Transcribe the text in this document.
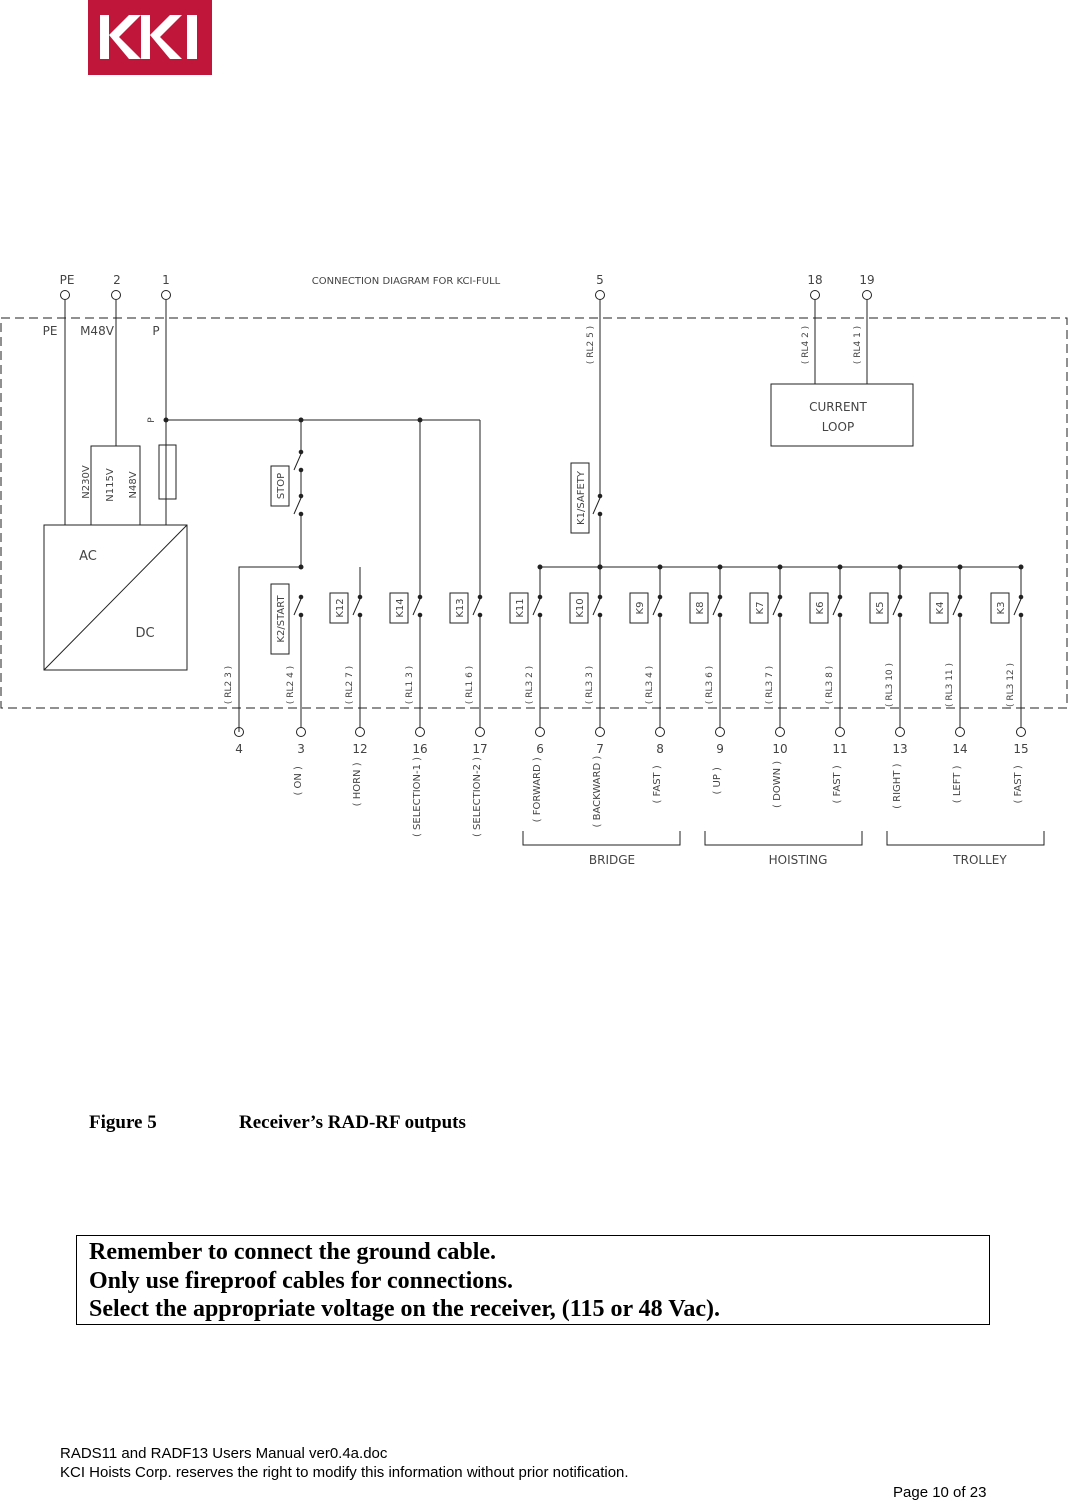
CONNECTION DIAGRAM FOR KCI-FULL
PE	2	1	5	18	19
PE M48V	P
N230V N115V N48V
AC
DC
P
STOP	K1/SAFETY
( RL2 5 )
CURRENT
LOOP
( RL4 2 )	( RL4 1 )
( RL2 3 )
4
K2/START
( RL2 4 )
3
( ON )
K12
( RL2 7 )
12
( HORN )
K14
( RL1 3 )
16
( SELECTION-1 )
K13
( RL1 6 )
17
( SELECTION-2 )
K11
( RL3 2 )
6
( FORWARD )
K10
( RL3 3 )
7
( BACKWARD )
K9
( RL3 4 )
8
( FAST )
K8
( RL3 6 )
9
( UP )
K7
( RL3 7 )
10
( DOWN )
K6
( RL3 8 )
11
( FAST )
K5
( RL3 10 )
13
( RIGHT )
K4
( RL3 11 )
14
( LEFT )
K3
( RL3 12 )
15
( FAST )
BRIDGE	HOISTING	TROLLEY
Figure 5	Receiver’s RAD-RF outputs
Remember to connect the ground cable.
Only use fireproof cables for connections.
Select the appropriate voltage on the receiver, (115 or 48 Vac).
RADS11 and RADF13 Users Manual ver0.4a.doc
KCI Hoists Corp. reserves the right to modify this information without prior notification.
Page 10 of 23
